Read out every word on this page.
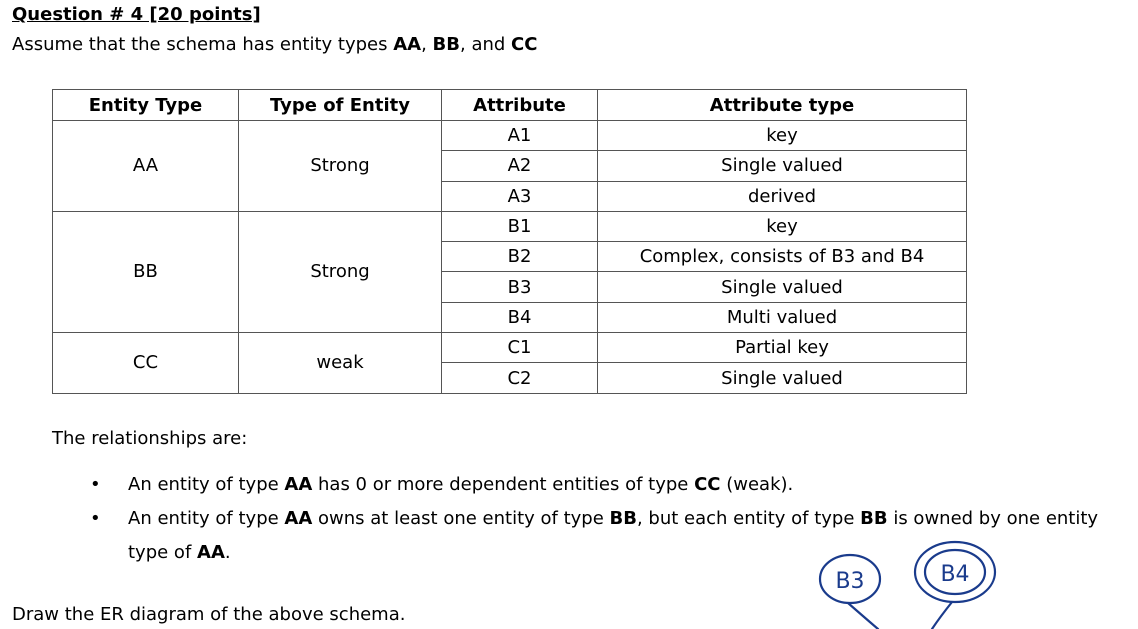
Question # 4 [20 points]
Assume that the schema has entity types AA, BB, and CC
Entity Type	Type of Entity	Attribute	Attribute type
AA	Strong	A1	key
		A2	Single valued
		A3	derived
BB	Strong	B1	key
		B2	Complex, consists of B3 and B4
		B3	Single valued
		B4	Multi valued
CC	weak	C1	Partial key
		C2	Single valued
The relationships are:
• An entity of type AA has 0 or more dependent entities of type CC (weak).
• An entity of type AA owns at least one entity of type BB, but each entity of type BB is owned by one entity type of AA.
Draw the ER diagram of the above schema.
B3	B4
